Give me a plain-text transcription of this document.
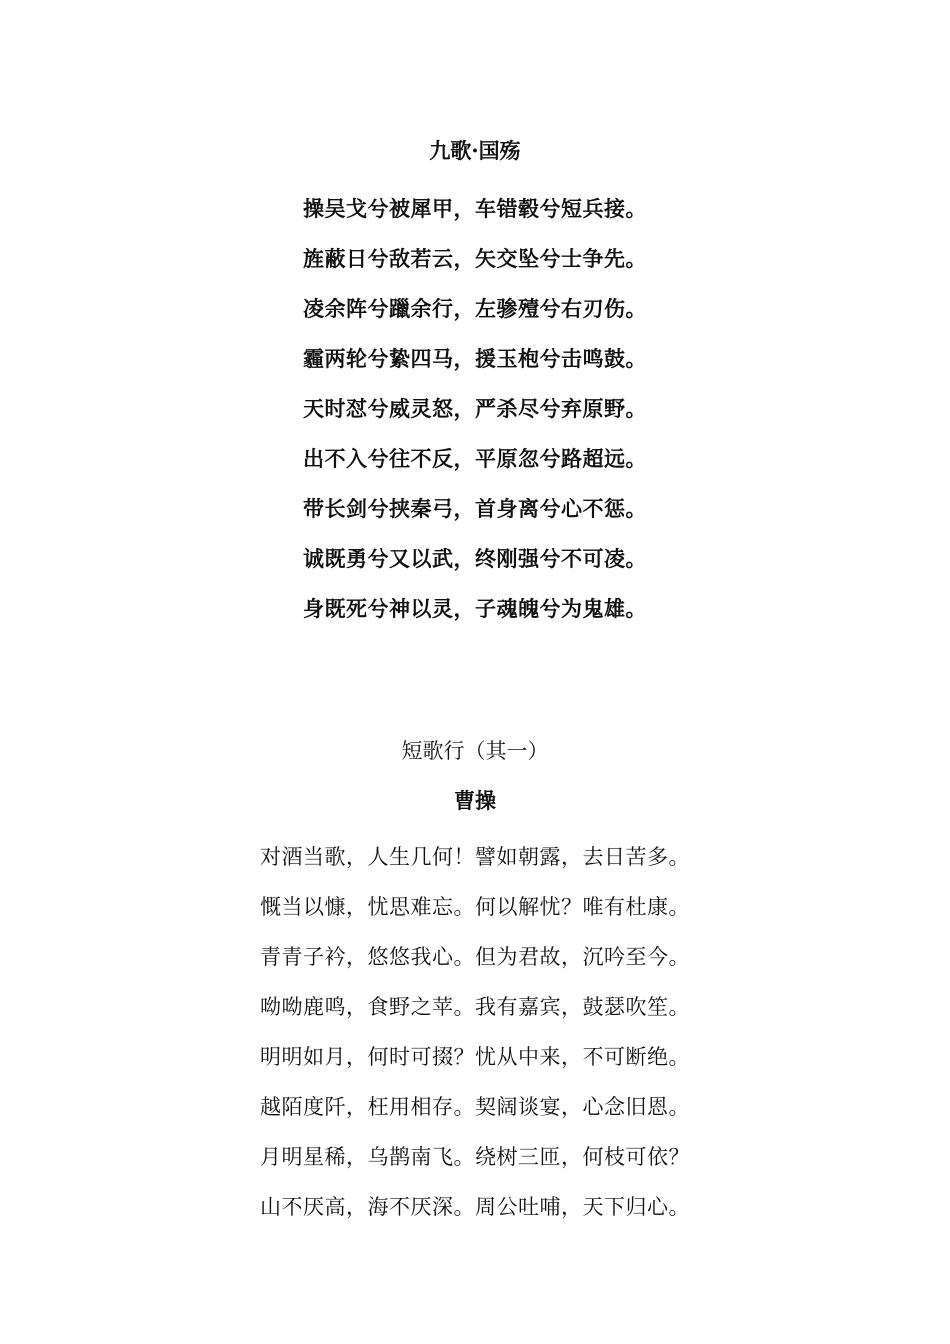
九歌·国殇
操吴戈兮被犀甲，车错毂兮短兵接。
旌蔽日兮敌若云，矢交坠兮士争先。
凌余阵兮躐余行，左骖殪兮右刃伤。
霾两轮兮絷四马，援玉枹兮击鸣鼓。
天时怼兮威灵怒，严杀尽兮弃原野。
出不入兮往不反，平原忽兮路超远。
带长剑兮挟秦弓，首身离兮心不惩。
诚既勇兮又以武，终刚强兮不可凌。
身既死兮神以灵，子魂魄兮为鬼雄。
短歌行（其一）
曹操
对酒当歌，人生几何！譬如朝露，去日苦多。
慨当以慷，忧思难忘。何以解忧？唯有杜康。
青青子衿，悠悠我心。但为君故，沉吟至今。
呦呦鹿鸣，食野之苹。我有嘉宾，鼓瑟吹笙。
明明如月，何时可掇？忧从中来，不可断绝。
越陌度阡，枉用相存。契阔谈宴，心念旧恩。
月明星稀，乌鹊南飞。绕树三匝，何枝可依？
山不厌高，海不厌深。周公吐哺，天下归心。
